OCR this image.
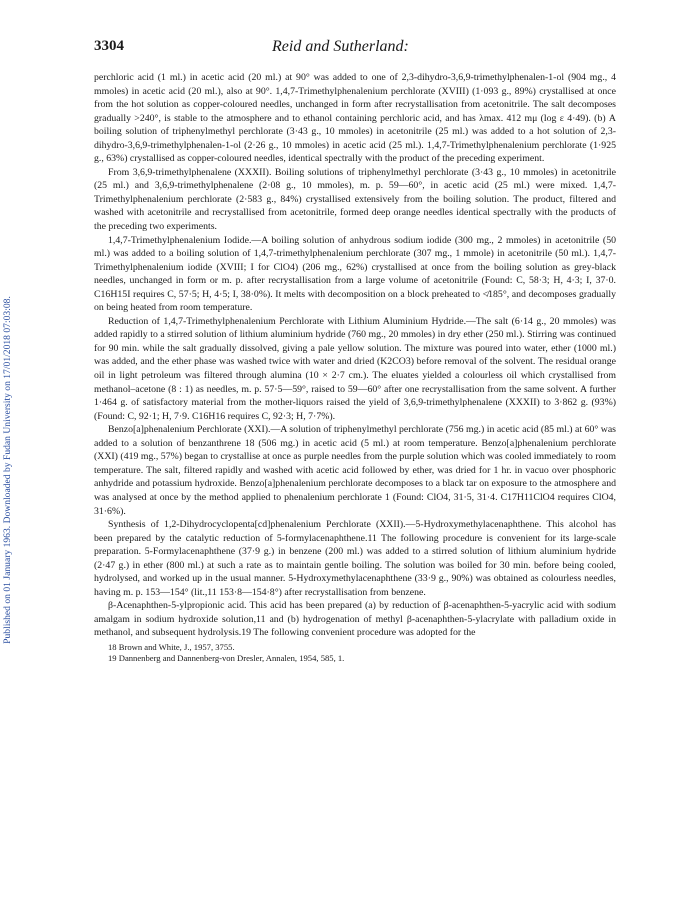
Published on 01 January 1963. Downloaded by Fudan University on 17/01/2018 07:03:08.
3304	Reid and Sutherland:

perchloric acid (1 ml.) in acetic acid (20 ml.) at 90° was added to one of 2,3-dihydro-3,6,9-trimethylphenalen-1-ol (904 mg., 4 mmoles) in acetic acid (20 ml.), also at 90°. 1,4,7-Trimethylphenalenium perchlorate (XVIII) (1·093 g., 89%) crystallised at once from the hot solution as copper-coloured needles, unchanged in form after recrystallisation from acetonitrile. The salt decomposes gradually >240°, is stable to the atmosphere and to ethanol containing perchloric acid, and has λmax. 412 mμ (log ε 4·49). (b) A boiling solution of triphenylmethyl perchlorate (3·43 g., 10 mmoles) in acetonitrile (25 ml.) was added to a hot solution of 2,3-dihydro-3,6,9-trimethylphenalen-1-ol (2·26 g., 10 mmoles) in acetic acid (25 ml.). 1,4,7-Trimethylphenalenium perchlorate (1·925 g., 63%) crystallised as copper-coloured needles, identical spectrally with the product of the preceding experiment.

From 3,6,9-trimethylphenalene (XXXII). Boiling solutions of triphenylmethyl perchlorate (3·43 g., 10 mmoles) in acetonitrile (25 ml.) and 3,6,9-trimethylphenalene (2·08 g., 10 mmoles), m. p. 59—60°, in acetic acid (25 ml.) were mixed. 1,4,7-Trimethylphenalenium perchlorate (2·583 g., 84%) crystallised extensively from the boiling solution. The product, filtered and washed with acetonitrile and recrystallised from acetonitrile, formed deep orange needles identical spectrally with the products of the preceding two experiments.

1,4,7-Trimethylphenalenium Iodide.—A boiling solution of anhydrous sodium iodide (300 mg., 2 mmoles) in acetonitrile (50 ml.) was added to a boiling solution of 1,4,7-trimethylphenalenium perchlorate (307 mg., 1 mmole) in acetonitrile (50 ml.). 1,4,7-Trimethylphenalenium iodide (XVIII; I for ClO4) (206 mg., 62%) crystallised at once from the boiling solution as grey-black needles, unchanged in form or m. p. after recrystallisation from a large volume of acetonitrile (Found: C, 58·3; H, 4·3; I, 37·0. C16H15I requires C, 57·5; H, 4·5; I, 38·0%). It melts with decomposition on a block preheated to ≮185°, and decomposes gradually on being heated from room temperature.

Reduction of 1,4,7-Trimethylphenalenium Perchlorate with Lithium Aluminium Hydride.—The salt (6·14 g., 20 mmoles) was added rapidly to a stirred solution of lithium aluminium hydride (760 mg., 20 mmoles) in dry ether (250 ml.). Stirring was continued for 90 min. while the salt gradually dissolved, giving a pale yellow solution. The mixture was poured into water, ether (1000 ml.) was added, and the ether phase was washed twice with water and dried (K2CO3) before removal of the solvent. The residual orange oil in light petroleum was filtered through alumina (10 × 2·7 cm.). The eluates yielded a colourless oil which crystallised from methanol–acetone (8 : 1) as needles, m. p. 57·5—59°, raised to 59—60° after one recrystallisation from the same solvent. A further 1·464 g. of satisfactory material from the mother-liquors raised the yield of 3,6,9-trimethylphenalene (XXXII) to 3·862 g. (93%) (Found: C, 92·1; H, 7·9. C16H16 requires C, 92·3; H, 7·7%).

Benzo[a]phenalenium Perchlorate (XXI).—A solution of triphenylmethyl perchlorate (756 mg.) in acetic acid (85 ml.) at 60° was added to a solution of benzanthrene 18 (506 mg.) in acetic acid (5 ml.) at room temperature. Benzo[a]phenalenium perchlorate (XXI) (419 mg., 57%) began to crystallise at once as purple needles from the purple solution which was cooled immediately to room temperature. The salt, filtered rapidly and washed with acetic acid followed by ether, was dried for 1 hr. in vacuo over phosphoric anhydride and potassium hydroxide. Benzo[a]phenalenium perchlorate decomposes to a black tar on exposure to the atmosphere and was analysed at once by the method applied to phenalenium perchlorate 1 (Found: ClO4, 31·5, 31·4. C17H11ClO4 requires ClO4, 31·6%).

Synthesis of 1,2-Dihydrocyclopenta[cd]phenalenium Perchlorate (XXII).—5-Hydroxymethylacenaphthene. This alcohol has been prepared by the catalytic reduction of 5-formylacenaphthene.11 The following procedure is convenient for its large-scale preparation. 5-Formylacenaphthene (37·9 g.) in benzene (200 ml.) was added to a stirred solution of lithium aluminium hydride (2·47 g.) in ether (800 ml.) at such a rate as to maintain gentle boiling. The solution was boiled for 30 min. before being cooled, hydrolysed, and worked up in the usual manner. 5-Hydroxymethylacenaphthene (33·9 g., 90%) was obtained as colourless needles, having m. p. 153—154° (lit.,11 153·8—154·8°) after recrystallisation from benzene.

β-Acenaphthen-5-ylpropionic acid. This acid has been prepared (a) by reduction of β-acenaphthen-5-yacrylic acid with sodium amalgam in sodium hydroxide solution,11 and (b) hydrogenation of methyl β-acenaphthen-5-ylacrylate with palladium oxide in methanol, and subsequent hydrolysis.19 The following convenient procedure was adopted for the

18 Brown and White, J., 1957, 3755.

19 Dannenberg and Dannenberg-von Dresler, Annalen, 1954, 585, 1.
